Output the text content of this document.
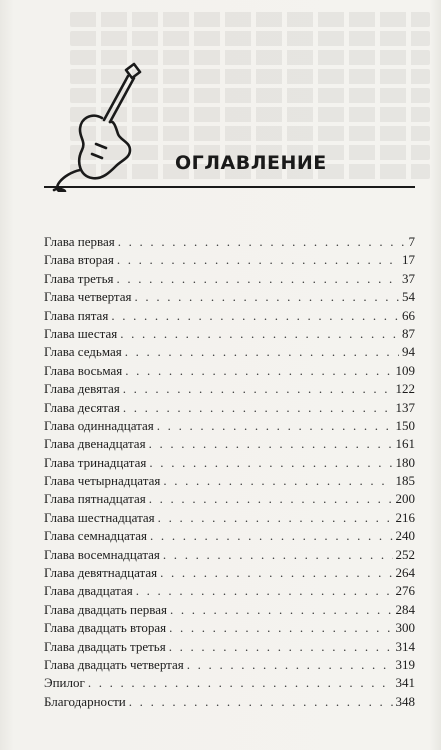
ОГЛАВЛЕНИЕ
Глава первая . . .	7
Глава вторая . . .	17
Глава третья . . .	37
Глава четвертая . . .	54
Глава пятая . . .	66
Глава шестая . . .	87
Глава седьмая . . .	94
Глава восьмая . . .	109
Глава девятая . . .	122
Глава десятая . . .	137
Глава одиннадцатая . . .	150
Глава двенадцатая . . .	161
Глава тринадцатая . . .	180
Глава четырнадцатая . . .	185
Глава пятнадцатая . . .	200
Глава шестнадцатая . . .	216
Глава семнадцатая . . .	240
Глава восемнадцатая . . .	252
Глава девятнадцатая . . .	264
Глава двадцатая . . .	276
Глава двадцать первая . . .	284
Глава двадцать вторая . . .	300
Глава двадцать третья . . .	314
Глава двадцать четвертая . . .	319
Эпилог . . .	341
Благодарности . . .	348
